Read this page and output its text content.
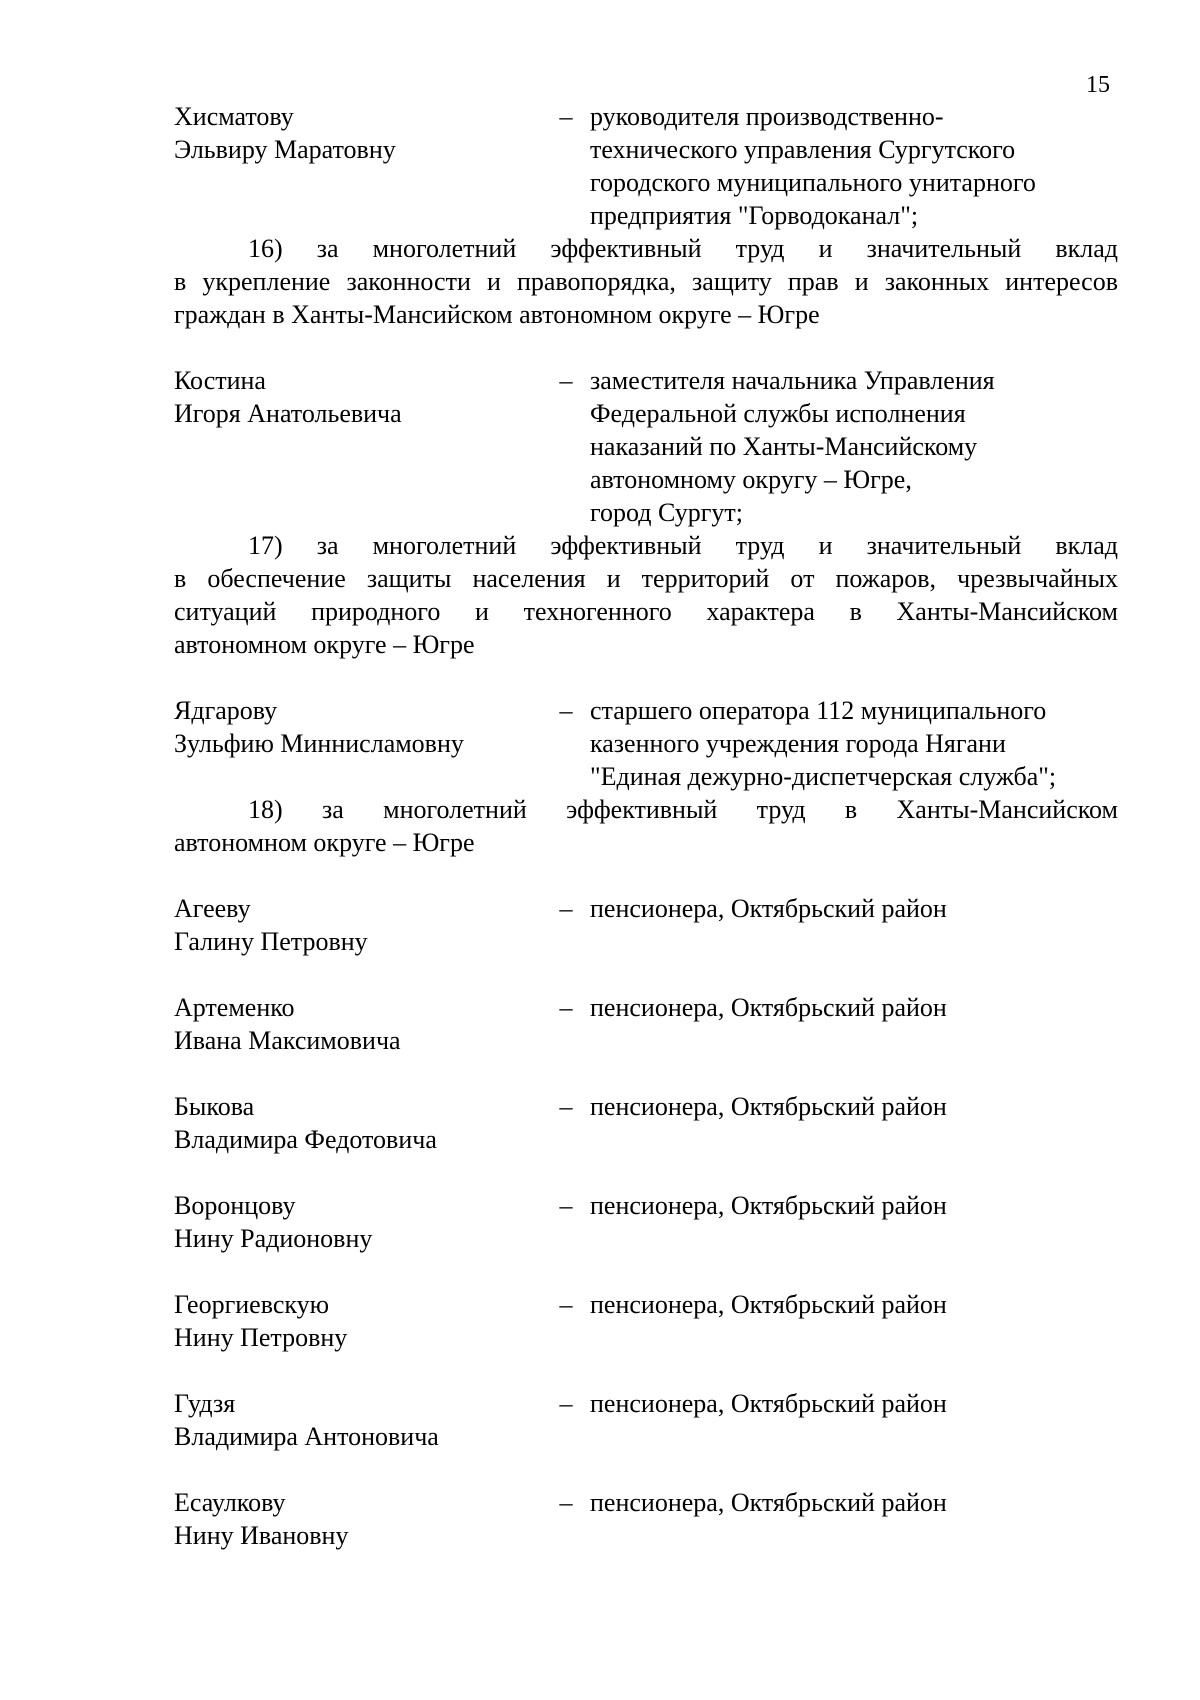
15
Хисматову
Эльвиру Маратовну
– руководителя производственно-
технического управления Сургутского
городского муниципального унитарного
предприятия "Горводоканал";
16) за многолетний эффективный труд и значительный вклад
в укрепление законности и правопорядка, защиту прав и законных интересов
граждан в Ханты-Мансийском автономном округе – Югре
Костина
Игоря Анатольевича
– заместителя начальника Управления
Федеральной службы исполнения
наказаний по Ханты-Мансийскому
автономному округу – Югре,
город Сургут;
17) за многолетний эффективный труд и значительный вклад
в обеспечение защиты населения и территорий от пожаров, чрезвычайных
ситуаций природного и техногенного характера в Ханты-Мансийском
автономном округе – Югре
Ядгарову
Зульфию Миннисламовну
– старшего оператора 112 муниципального
казенного учреждения города Нягани
"Единая дежурно-диспетчерская служба";
18) за многолетний эффективный труд в Ханты-Мансийском
автономном округе – Югре
Агееву
Галину Петровну
– пенсионера, Октябрьский район
Артеменко
Ивана Максимовича
– пенсионера, Октябрьский район
Быкова
Владимира Федотовича
– пенсионера, Октябрьский район
Воронцову
Нину Радионовну
– пенсионера, Октябрьский район
Георгиевскую
Нину Петровну
– пенсионера, Октябрьский район
Гудзя
Владимира Антоновича
– пенсионера, Октябрьский район
Есаулкову
Нину Ивановну
– пенсионера, Октябрьский район
